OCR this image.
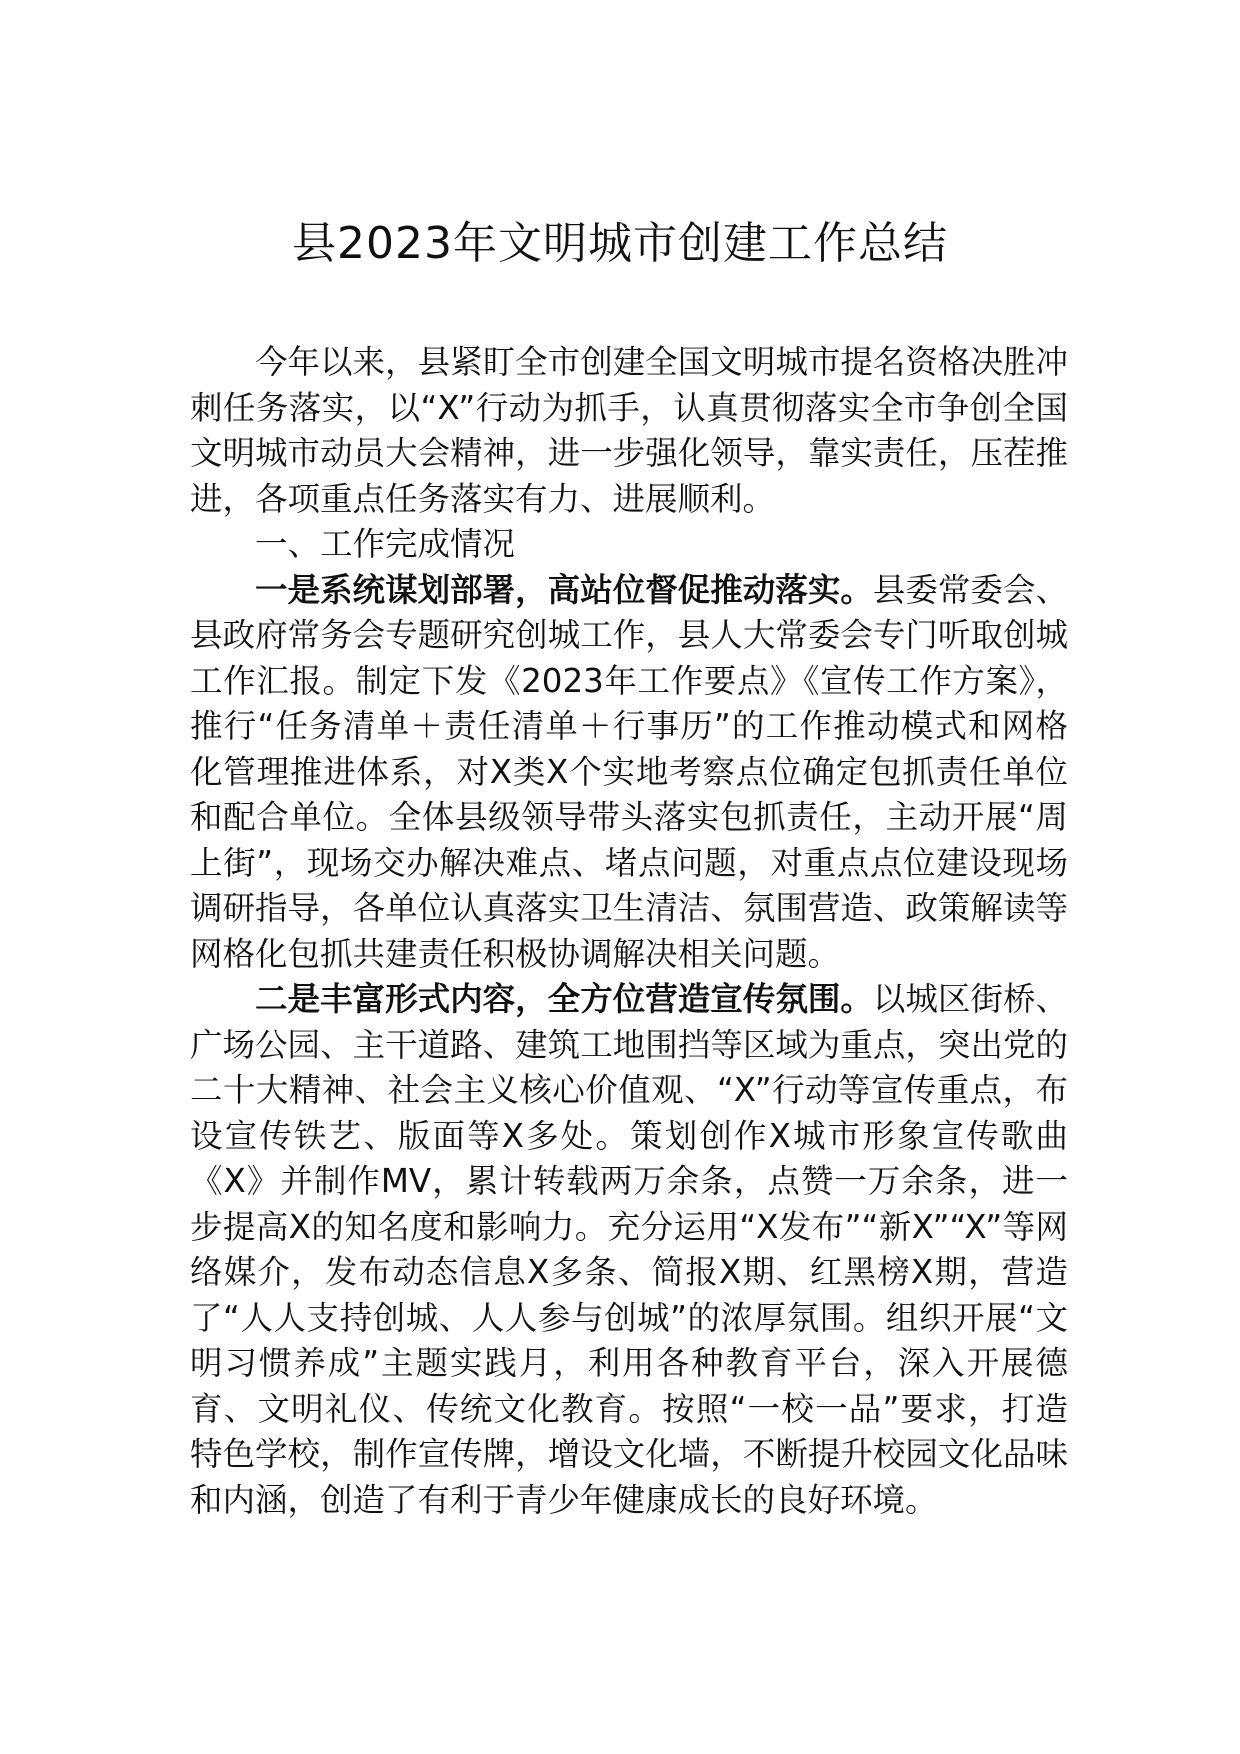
县2023年文明城市创建工作总结

今年以来，县紧盯全市创建全国文明城市提名资格决胜冲刺任务落实，以“X”行动为抓手，认真贯彻落实全市争创全国文明城市动员大会精神，进一步强化领导，靠实责任，压茬推进，各项重点任务落实有力、进展顺利。

一、工作完成情况

一是系统谋划部署，高站位督促推动落实。县委常委会、县政府常务会专题研究创城工作，县人大常委会专门听取创城工作汇报。制定下发《2023年工作要点》《宣传工作方案》，推行“任务清单＋责任清单＋行事历”的工作推动模式和网格化管理推进体系，对X类X个实地考察点位确定包抓责任单位和配合单位。全体县级领导带头落实包抓责任，主动开展“周上街”，现场交办解决难点、堵点问题，对重点点位建设现场调研指导，各单位认真落实卫生清洁、氛围营造、政策解读等网格化包抓共建责任积极协调解决相关问题。

二是丰富形式内容，全方位营造宣传氛围。以城区街桥、广场公园、主干道路、建筑工地围挡等区域为重点，突出党的二十大精神、社会主义核心价值观、“X”行动等宣传重点，布设宣传铁艺、版面等X多处。策划创作X城市形象宣传歌曲《X》并制作MV，累计转载两万余条，点赞一万余条，进一步提高X的知名度和影响力。充分运用“X发布”“新X”“X”等网络媒介，发布动态信息X多条、简报X期、红黑榜X期，营造了“人人支持创城、人人参与创城”的浓厚氛围。组织开展“文明习惯养成”主题实践月，利用各种教育平台，深入开展德育、文明礼仪、传统文化教育。按照“一校一品”要求，打造特色学校，制作宣传牌，增设文化墙，不断提升校园文化品味和内涵，创造了有利于青少年健康成长的良好环境。
